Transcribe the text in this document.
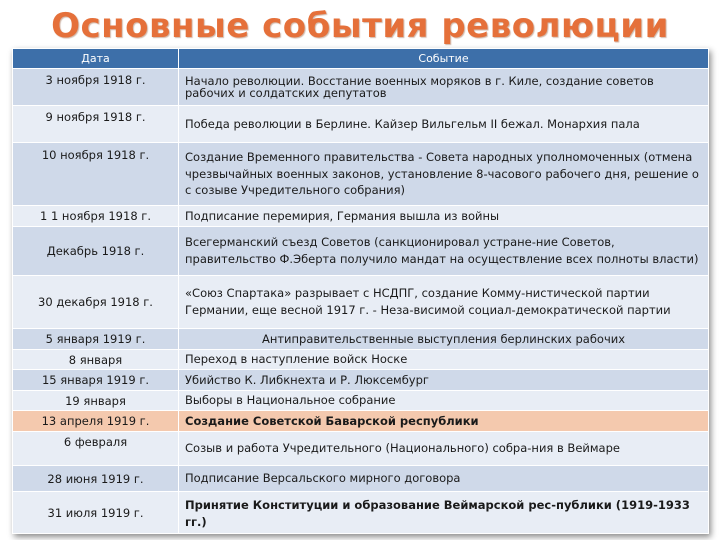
Основные события революции
Дата	Событие
3 ноября 1918 г.	Начало революции. Восстание военных моряков в г. Киле, создание советов рабочих и солдатских депутатов
9 ноября 1918 г.	Победа революции в Берлине. Кайзер Вильгельм II бежал. Монархия пала
10 ноября 1918 г.	Создание Временного правительства - Совета народных уполномоченных (отмена чрезвычайных военных законов, установление 8-часового рабочего дня, решение о с созыве Учредительного собрания)
1 1 ноября 1918 г.	Подписание перемирия, Германия вышла из войны
Декабрь 1918 г.	Всегерманский съезд Советов (санкционировал устране-ние Советов, правительство Ф.Эберта получило мандат на осуществление всех полноты власти)
30 декабря 1918 г.	«Союз Спартака» разрывает с НСДПГ, создание Комму-нистической партии Германии, еще весной 1917 г. - Неза-висимой социал-демократической партии
5 января 1919 г.	Антиправительственные выступления берлинских рабочих
8 января	Переход в наступление войск Носке
15 января 1919 г.	Убийство К. Либкнехта и Р. Люксембург
19 января	Выборы в Национальное собрание
13 апреля 1919 г.	Создание Советской Баварской республики
6 февраля	Созыв и работа Учредительного (Национального) собра-ния в Веймаре
28 июня 1919 г.	Подписание Версальского мирного договора
31 июля 1919 г.	Принятие Конституции и образование Веймарской рес-публики (1919-1933 гг.)
